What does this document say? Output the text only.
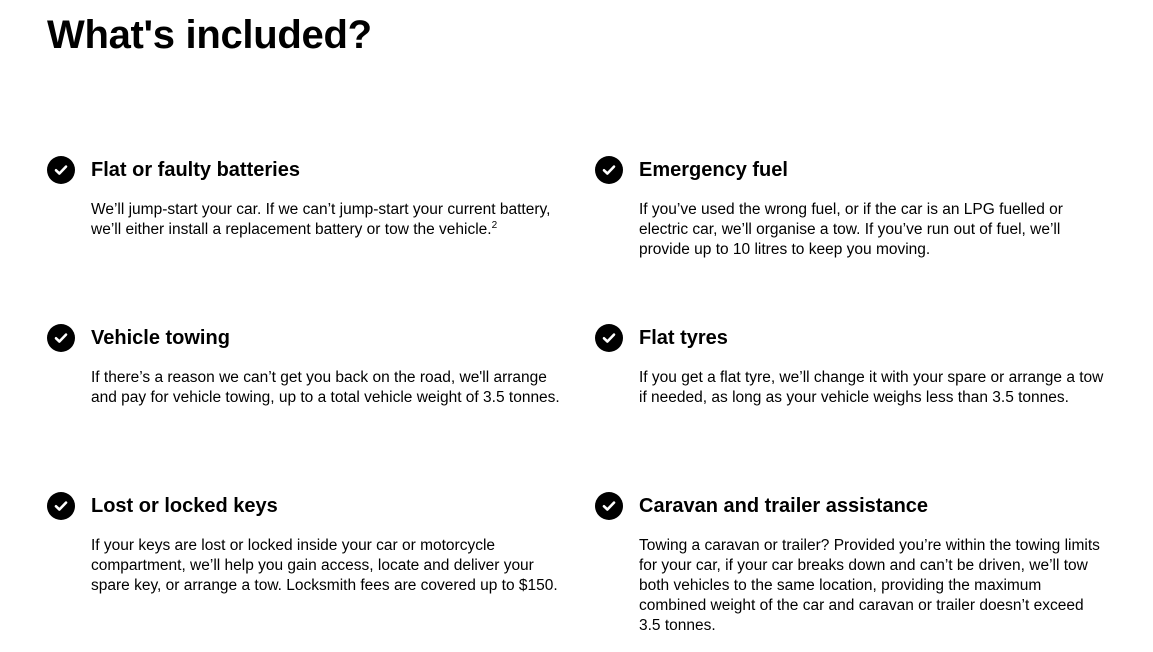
What's included?
Flat or faulty batteries

We’ll jump-start your car. If we can’t jump-start your current battery, we’ll either install a replacement battery or tow the vehicle.$^2$

Emergency fuel

If you’ve used the wrong fuel, or if the car is an LPG fuelled or electric car, we’ll organise a tow. If you’ve run out of fuel, we’ll provide up to 10 litres to keep you moving.

Vehicle towing

If there’s a reason we can’t get you back on the road, we'll arrange and pay for vehicle towing, up to a total vehicle weight of 3.5 tonnes.

Flat tyres

If you get a flat tyre, we’ll change it with your spare or arrange a tow if needed, as long as your vehicle weighs less than 3.5 tonnes.

Lost or locked keys

If your keys are lost or locked inside your car or motorcycle compartment, we’ll help you gain access, locate and deliver your spare key, or arrange a tow. Locksmith fees are covered up to $150.

Caravan and trailer assistance

Towing a caravan or trailer? Provided you’re within the towing limits for your car, if your car breaks down and can’t be driven, we’ll tow both vehicles to the same location, providing the maximum combined weight of the car and caravan or trailer doesn’t exceed 3.5 tonnes.
